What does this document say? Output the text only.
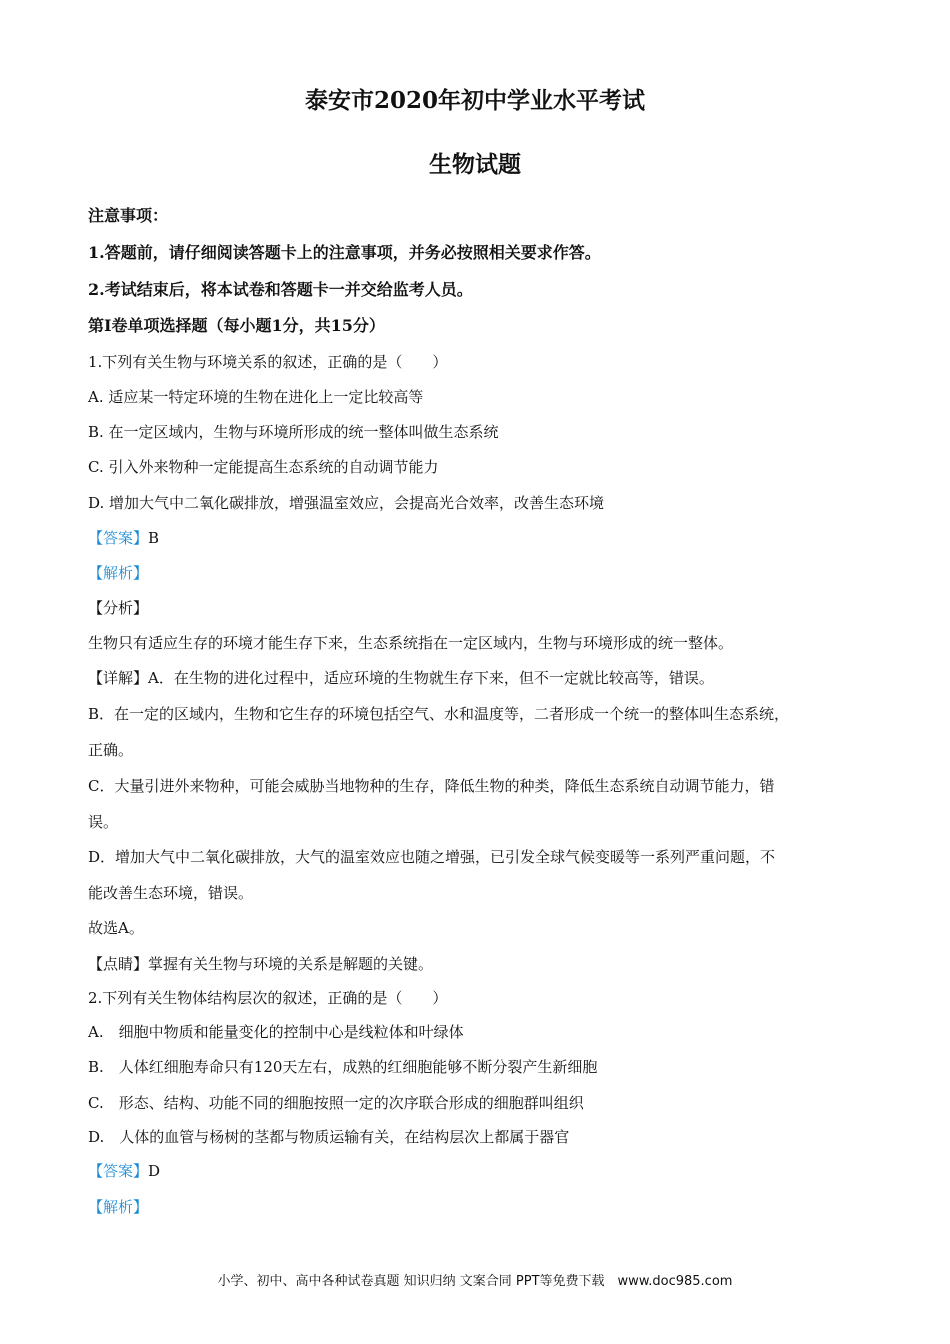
泰安市2020年初中学业水平考试
生物试题
注意事项：
1.答题前，请仔细阅读答题卡上的注意事项，并务必按照相关要求作答。
2.考试结束后，将本试卷和答题卡一并交给监考人员。
第Ⅰ卷单项选择题（每小题1分，共15分）
1.下列有关生物与环境关系的叙述，正确的是（　　）
A. 适应某一特定环境的生物在进化上一定比较高等
B. 在一定区域内，生物与环境所形成的统一整体叫做生态系统
C. 引入外来物种一定能提高生态系统的自动调节能力
D. 增加大气中二氧化碳排放，增强温室效应，会提高光合效率，改善生态环境
【答案】B
【解析】
【分析】
生物只有适应生存的环境才能生存下来，生态系统指在一定区域内，生物与环境形成的统一整体。
【详解】A．在生物的进化过程中，适应环境的生物就生存下来，但不一定就比较高等，错误。
B．在一定的区域内，生物和它生存的环境包括空气、水和温度等，二者形成一个统一的整体叫生态系统，
正确。
C．大量引进外来物种，可能会威胁当地物种的生存，降低生物的种类，降低生态系统自动调节能力，错
误。
D．增加大气中二氧化碳排放，大气的温室效应也随之增强，已引发全球气候变暖等一系列严重问题，不
能改善生态环境，错误。
故选A。
【点睛】掌握有关生物与环境的关系是解题的关键。
2.下列有关生物体结构层次的叙述，正确的是（　　）
A.　细胞中物质和能量变化的控制中心是线粒体和叶绿体
B.　人体红细胞寿命只有120天左右，成熟的红细胞能够不断分裂产生新细胞
C.　形态、结构、功能不同的细胞按照一定的次序联合形成的细胞群叫组织
D.　人体的血管与杨树的茎都与物质运输有关，在结构层次上都属于器官
【答案】D
【解析】
小学、初中、高中各种试卷真题 知识归纳 文案合同 PPT等免费下载　www.doc985.com
